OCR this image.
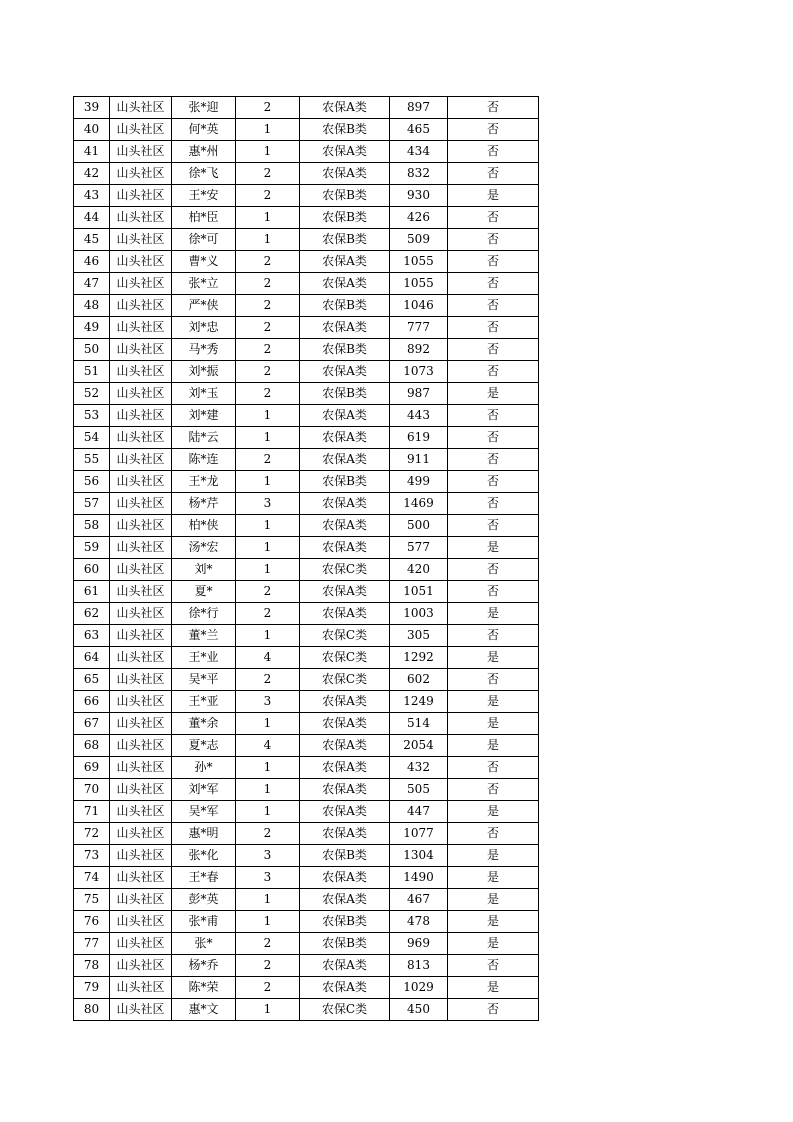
39	山头社区	张*迎	2	农保A类	897	否
40	山头社区	何*英	1	农保B类	465	否
41	山头社区	惠*州	1	农保A类	434	否
42	山头社区	徐*飞	2	农保A类	832	否
43	山头社区	王*安	2	农保B类	930	是
44	山头社区	柏*臣	1	农保B类	426	否
45	山头社区	徐*可	1	农保B类	509	否
46	山头社区	曹*义	2	农保A类	1055	否
47	山头社区	张*立	2	农保A类	1055	否
48	山头社区	严*侠	2	农保B类	1046	否
49	山头社区	刘*忠	2	农保A类	777	否
50	山头社区	马*秀	2	农保B类	892	否
51	山头社区	刘*振	2	农保A类	1073	否
52	山头社区	刘*玉	2	农保B类	987	是
53	山头社区	刘*建	1	农保A类	443	否
54	山头社区	陆*云	1	农保A类	619	否
55	山头社区	陈*连	2	农保A类	911	否
56	山头社区	王*龙	1	农保B类	499	否
57	山头社区	杨*芹	3	农保A类	1469	否
58	山头社区	柏*侠	1	农保A类	500	否
59	山头社区	汤*宏	1	农保A类	577	是
60	山头社区	刘*	1	农保C类	420	否
61	山头社区	夏*	2	农保A类	1051	否
62	山头社区	徐*行	2	农保A类	1003	是
63	山头社区	董*兰	1	农保C类	305	否
64	山头社区	王*业	4	农保C类	1292	是
65	山头社区	吴*平	2	农保C类	602	否
66	山头社区	王*亚	3	农保A类	1249	是
67	山头社区	董*余	1	农保A类	514	是
68	山头社区	夏*志	4	农保A类	2054	是
69	山头社区	孙*	1	农保A类	432	否
70	山头社区	刘*军	1	农保A类	505	否
71	山头社区	吴*军	1	农保A类	447	是
72	山头社区	惠*明	2	农保A类	1077	否
73	山头社区	张*化	3	农保B类	1304	是
74	山头社区	王*春	3	农保A类	1490	是
75	山头社区	彭*英	1	农保A类	467	是
76	山头社区	张*甫	1	农保B类	478	是
77	山头社区	张*	2	农保B类	969	是
78	山头社区	杨*乔	2	农保A类	813	否
79	山头社区	陈*荣	2	农保A类	1029	是
80	山头社区	惠*文	1	农保C类	450	否
